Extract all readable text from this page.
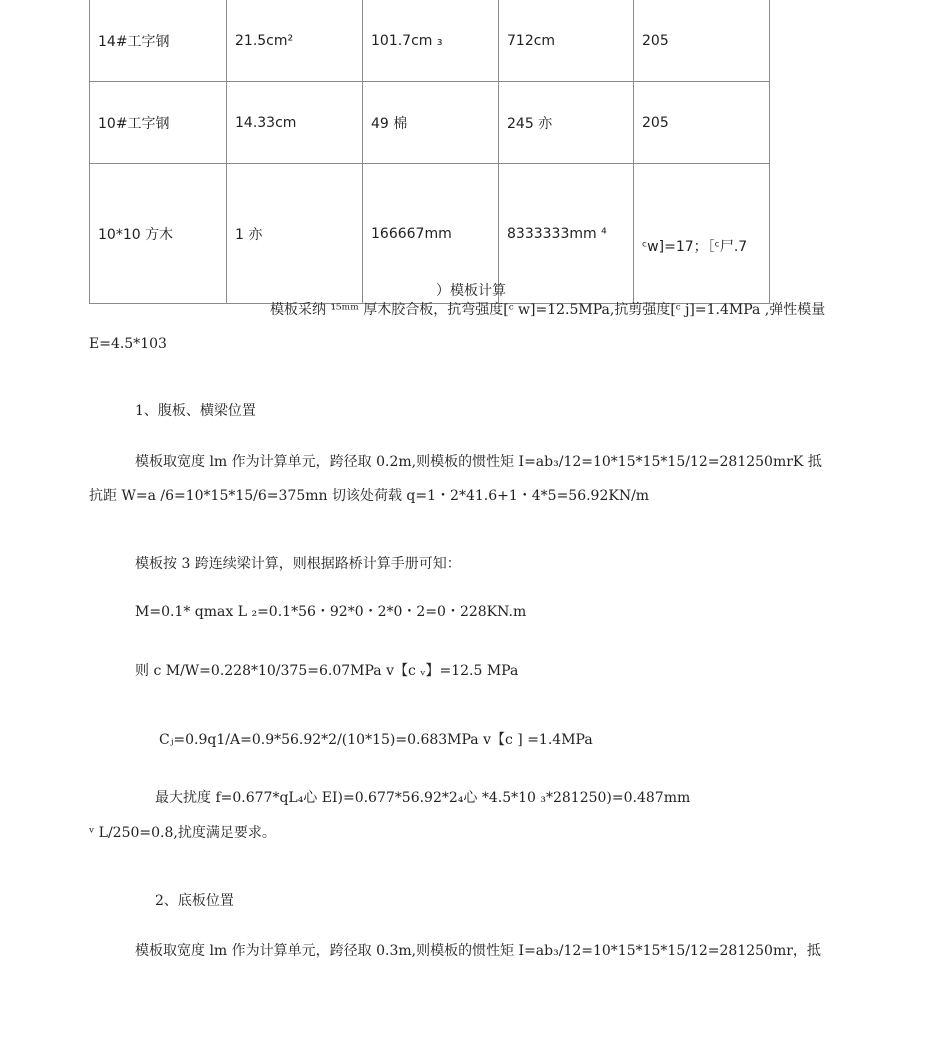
14#工字钢	21.5cm²	101.7cm ₃	712cm	205
10#工字钢	14.33cm	49 棉	245 亦	205
10*10 方木	1 亦	166667mm	8333333mm ⁴	ᶜw]=17；［ᶜ尸.7
）模板计算
模板采纳 ¹⁵ᵐᵐ 厚木胶合板，抗弯强度[ᶜ w]=12.5MPa,抗剪强度[ᶜ j]=1.4MPa ,弹性模量
E=4.5*103
1、腹板、横梁位置
模板取宽度 lm 作为计算单元，跨径取 0.2m,则模板的惯性矩 I=ab₃/12=10*15*15*15/12=281250mrK 抵
抗距 W=a /6=10*15*15/6=375mn 切该处荷载 q=1・2*41.6+1・4*5=56.92KN/m
模板按 3 跨连续梁计算，则根据路桥计算手册可知：
M=0.1* qmax L ₂=0.1*56・92*0・2*0・2=0・228KN.m
则 c M/W=0.228*10/375=6.07MPa v【c ᵥ】=12.5 MPa
Cⱼ=0.9q1/A=0.9*56.92*2/(10*15)=0.683MPa v【c ] =1.4MPa
最大扰度 f=0.677*qL₄心 EI)=0.677*56.92*2₄心 *4.5*10 ₃*281250)=0.487mm
ᵛ L/250=0.8,扰度满足要求。
2、底板位置
模板取宽度 lm 作为计算单元，跨径取 0.3m,则模板的惯性矩 I=ab₃/12=10*15*15*15/12=281250mr，抵
